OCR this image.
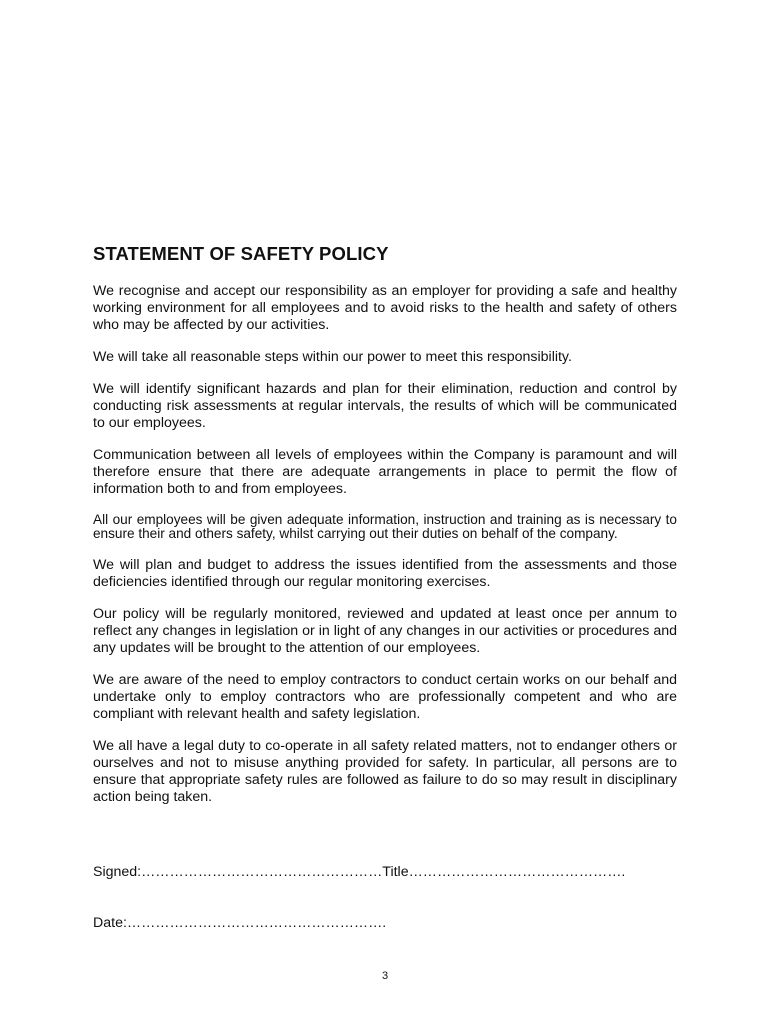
STATEMENT OF SAFETY POLICY

We recognise and accept our responsibility as an employer for providing a safe and healthy working environment for all employees and to avoid risks to the health and safety of others who may be affected by our activities.

We will take all reasonable steps within our power to meet this responsibility.

We will identify significant hazards and plan for their elimination, reduction and control by conducting risk assessments at regular intervals, the results of which will be communicated to our employees.

Communication between all levels of employees within the Company is paramount and will therefore ensure that there are adequate arrangements in place to permit the flow of information both to and from employees.

All our employees will be given adequate information, instruction and training as is necessary to ensure their and others safety, whilst carrying out their duties on behalf of the company.

We will plan and budget to address the issues identified from the assessments and those deficiencies identified through our regular monitoring exercises.

Our policy will be regularly monitored, reviewed and updated at least once per annum to reflect any changes in legislation or in light of any changes in our activities or procedures and any updates will be brought to the attention of our employees.

We are aware of the need to employ contractors to conduct certain works on our behalf and undertake only to employ contractors who are professionally competent and who are compliant with relevant health and safety legislation.

We all have a legal duty to co-operate in all safety related matters, not to endanger others or ourselves and not to misuse anything provided for safety. In particular, all persons are to ensure that appropriate safety rules are followed as failure to do so may result in disciplinary action being taken.

Signed:……………………………………………Title……………………………………….
Date:……………………………………………….
3
